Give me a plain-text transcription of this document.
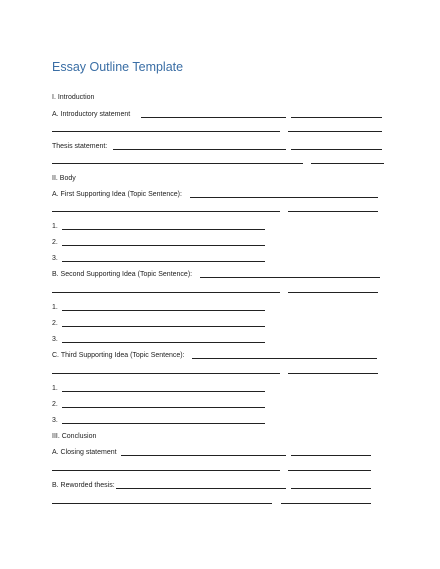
Essay Outline Template
I. Introduction
A. Introductory statement
Thesis statement:
II. Body
A. First Supporting Idea (Topic Sentence):
1.
2.
3.
B. Second Supporting Idea (Topic Sentence):
1.
2.
3.
C. Third Supporting Idea (Topic Sentence):
1.
2.
3.
III. Conclusion
A. Closing statement
B. Reworded thesis:
